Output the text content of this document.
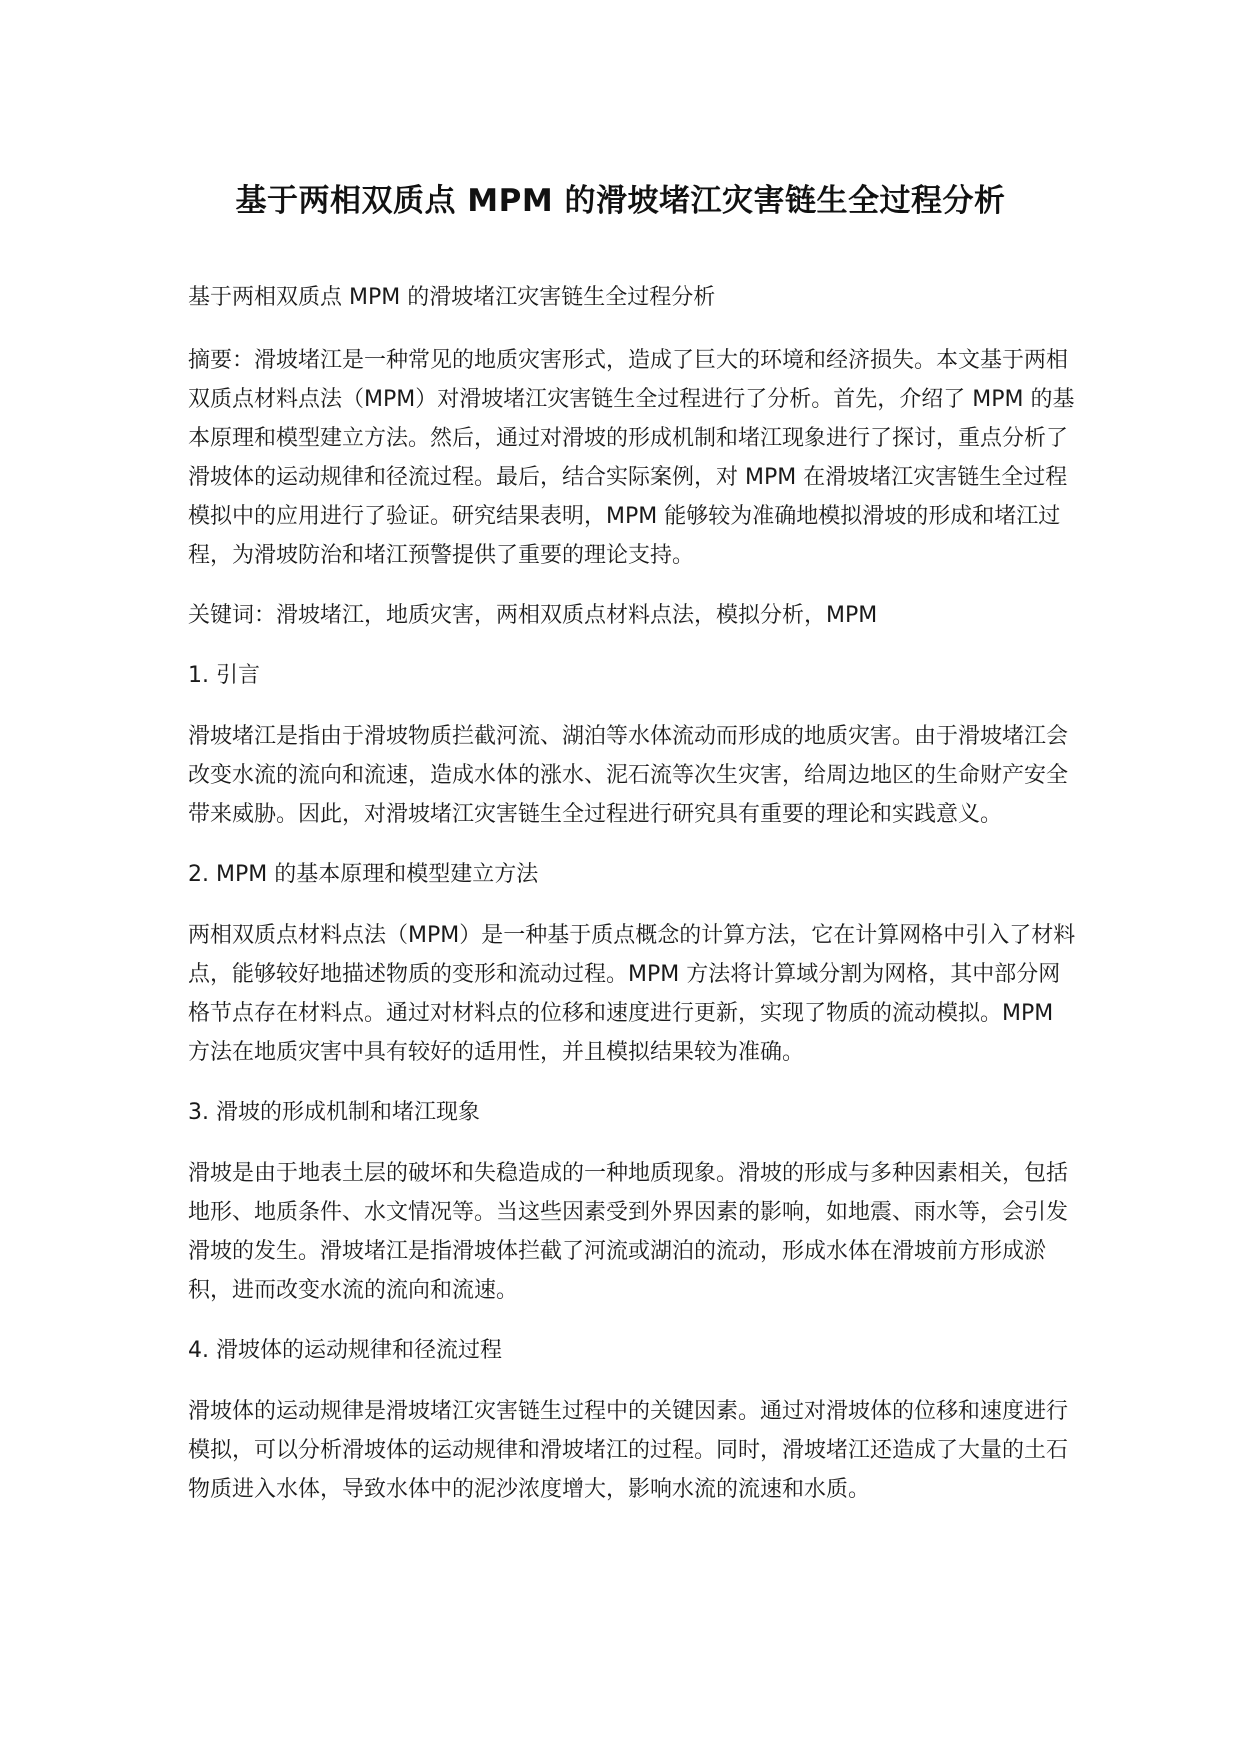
基于两相双质点 MPM 的滑坡堵江灾害链生全过程分析

基于两相双质点 MPM 的滑坡堵江灾害链生全过程分析

摘要：滑坡堵江是一种常见的地质灾害形式，造成了巨大的环境和经济损失。本文基于两相双质点材料点法（MPM）对滑坡堵江灾害链生全过程进行了分析。首先，介绍了 MPM 的基本原理和模型建立方法。然后，通过对滑坡的形成机制和堵江现象进行了探讨，重点分析了滑坡体的运动规律和径流过程。最后，结合实际案例，对 MPM 在滑坡堵江灾害链生全过程模拟中的应用进行了验证。研究结果表明，MPM 能够较为准确地模拟滑坡的形成和堵江过程，为滑坡防治和堵江预警提供了重要的理论支持。

关键词：滑坡堵江，地质灾害，两相双质点材料点法，模拟分析，MPM

1. 引言

滑坡堵江是指由于滑坡物质拦截河流、湖泊等水体流动而形成的地质灾害。由于滑坡堵江会改变水流的流向和流速，造成水体的涨水、泥石流等次生灾害，给周边地区的生命财产安全带来威胁。因此，对滑坡堵江灾害链生全过程进行研究具有重要的理论和实践意义。

2. MPM 的基本原理和模型建立方法

两相双质点材料点法（MPM）是一种基于质点概念的计算方法，它在计算网格中引入了材料点，能够较好地描述物质的变形和流动过程。MPM 方法将计算域分割为网格，其中部分网格节点存在材料点。通过对材料点的位移和速度进行更新，实现了物质的流动模拟。MPM 方法在地质灾害中具有较好的适用性，并且模拟结果较为准确。

3. 滑坡的形成机制和堵江现象

滑坡是由于地表土层的破坏和失稳造成的一种地质现象。滑坡的形成与多种因素相关，包括地形、地质条件、水文情况等。当这些因素受到外界因素的影响，如地震、雨水等，会引发滑坡的发生。滑坡堵江是指滑坡体拦截了河流或湖泊的流动，形成水体在滑坡前方形成淤积，进而改变水流的流向和流速。

4. 滑坡体的运动规律和径流过程

滑坡体的运动规律是滑坡堵江灾害链生过程中的关键因素。通过对滑坡体的位移和速度进行模拟，可以分析滑坡体的运动规律和滑坡堵江的过程。同时，滑坡堵江还造成了大量的土石物质进入水体，导致水体中的泥沙浓度增大，影响水流的流速和水质。
